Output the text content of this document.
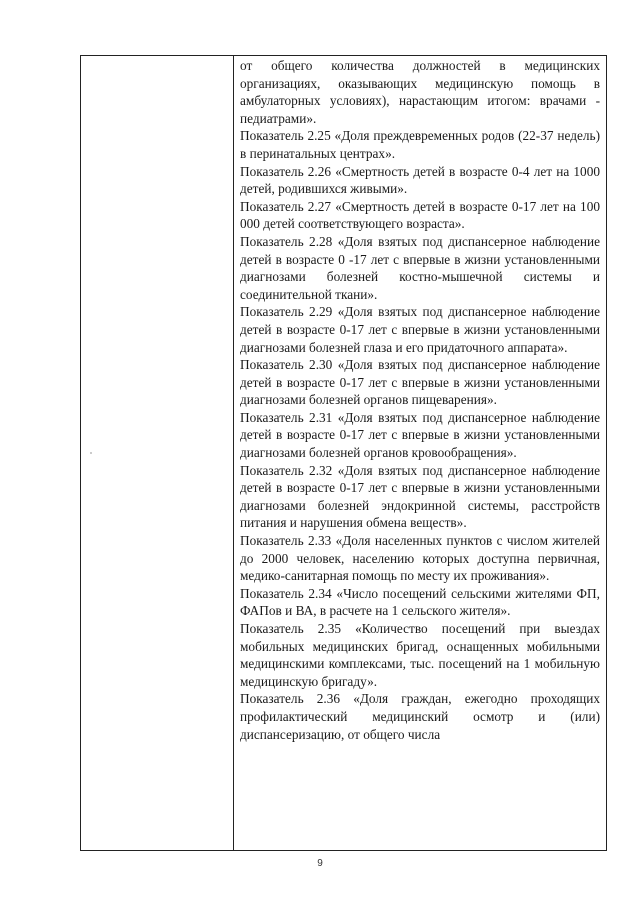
от общего количества должностей в медицинских организациях, оказывающих медицинскую помощь в амбулаторных условиях), нарастающим итогом: врачами - педиатрами».

Показатель 2.25 «Доля преждевременных родов (22-37 недель) в перинатальных центрах».

Показатель 2.26 «Смертность детей в возрасте 0-4 лет на 1000 детей, родившихся живыми».

Показатель 2.27 «Смертность детей в возрасте 0-17 лет на 100 000 детей соответствующего возраста».

Показатель 2.28 «Доля взятых под диспансерное наблюдение детей в возрасте 0 -17 лет с впервые в жизни установленными диагнозами болезней костно-мышечной системы и соединительной ткани».

Показатель 2.29 «Доля взятых под диспансерное наблюдение детей в возрасте 0-17 лет с впервые в жизни установленными диагнозами болезней глаза и его придаточного аппарата».

Показатель 2.30 «Доля взятых под диспансерное наблюдение детей в возрасте 0-17 лет с впервые в жизни установленными диагнозами болезней органов пищеварения».

Показатель 2.31 «Доля взятых под диспансерное наблюдение детей в возрасте 0-17 лет с впервые в жизни установленными диагнозами болезней органов кровообращения».

Показатель 2.32 «Доля взятых под диспансерное наблюдение детей в возрасте 0-17 лет с впервые в жизни установленными диагнозами болезней эндокринной системы, расстройств питания и нарушения обмена веществ».

Показатель 2.33 «Доля населенных пунктов с числом жителей до 2000 человек, населению которых доступна первичная, медико-санитарная помощь по месту их проживания».

Показатель 2.34 «Число посещений сельскими жителями ФП, ФАПов и ВА, в расчете на 1 сельского жителя».

Показатель 2.35 «Количество посещений при выездах мобильных медицинских бригад, оснащенных мобильными медицинскими комплексами, тыс. посещений на 1 мобильную медицинскую бригаду».

Показатель 2.36 «Доля граждан, ежегодно проходящих профилактический медицинский осмотр и (или) диспансеризацию, от общего числа

9
